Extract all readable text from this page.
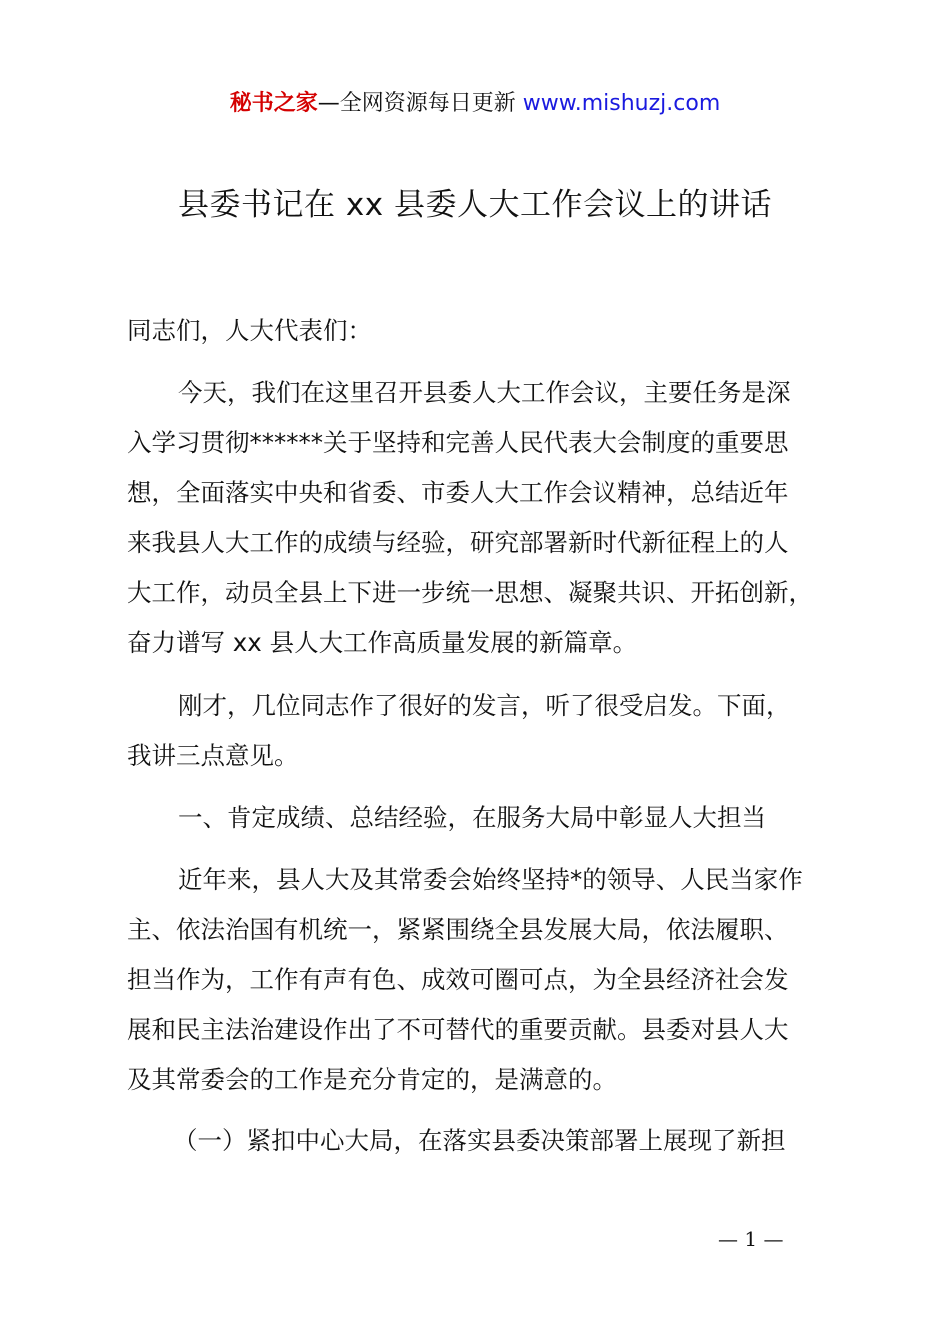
秘书之家—全网资源每日更新 www.mishuzj.com
县委书记在 xx 县委人大工作会议上的讲话
同志们，人大代表们：
今天，我们在这里召开县委人大工作会议，主要任务是深
入学习贯彻******关于坚持和完善人民代表大会制度的重要思
想，全面落实中央和省委、市委人大工作会议精神，总结近年
来我县人大工作的成绩与经验，研究部署新时代新征程上的人
大工作，动员全县上下进一步统一思想、凝聚共识、开拓创新，
奋力谱写 xx 县人大工作高质量发展的新篇章。
刚才，几位同志作了很好的发言，听了很受启发。下面，
我讲三点意见。
一、肯定成绩、总结经验，在服务大局中彰显人大担当
近年来，县人大及其常委会始终坚持*的领导、人民当家作
主、依法治国有机统一，紧紧围绕全县发展大局，依法履职、
担当作为，工作有声有色、成效可圈可点，为全县经济社会发
展和民主法治建设作出了不可替代的重要贡献。县委对县人大
及其常委会的工作是充分肯定的，是满意的。
（一）紧扣中心大局，在落实县委决策部署上展现了新担
— 1 —
